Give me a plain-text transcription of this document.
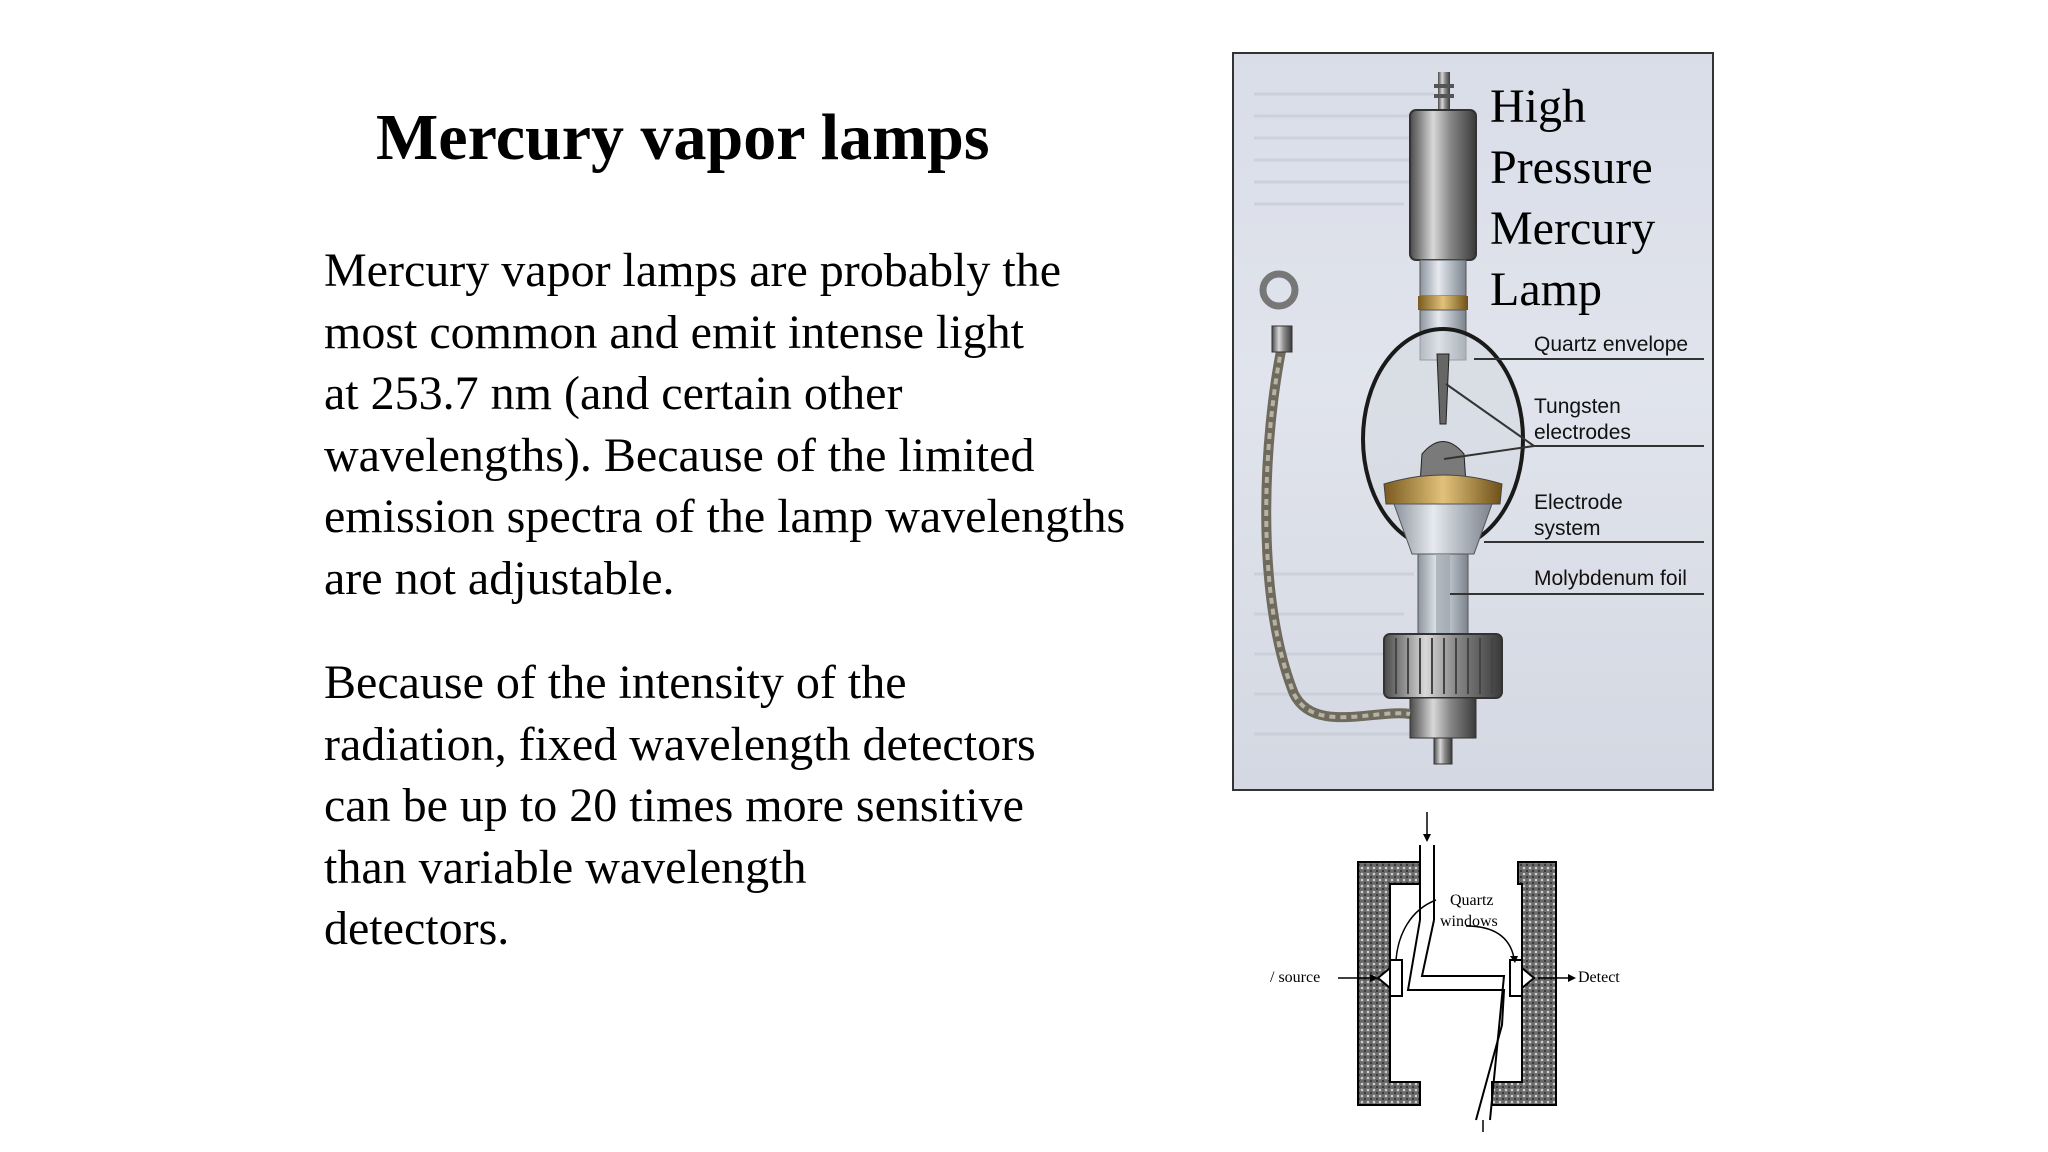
Mercury vapor lamps
Mercury vapor lamps are probably the
most common and emit intense light
at 253.7 nm (and certain other
wavelengths). Because of the limited
emission spectra of the lamp wavelengths
are not adjustable.
Because of the intensity of the
radiation, fixed wavelength detectors
can be up to 20 times more sensitive
than variable wavelength
detectors.
High
Pressure
Mercury
Lamp
Quartz envelope
Tungsten
electrodes
Electrode
system
Molybdenum foil
Quartz
windows
/ source	Detect
